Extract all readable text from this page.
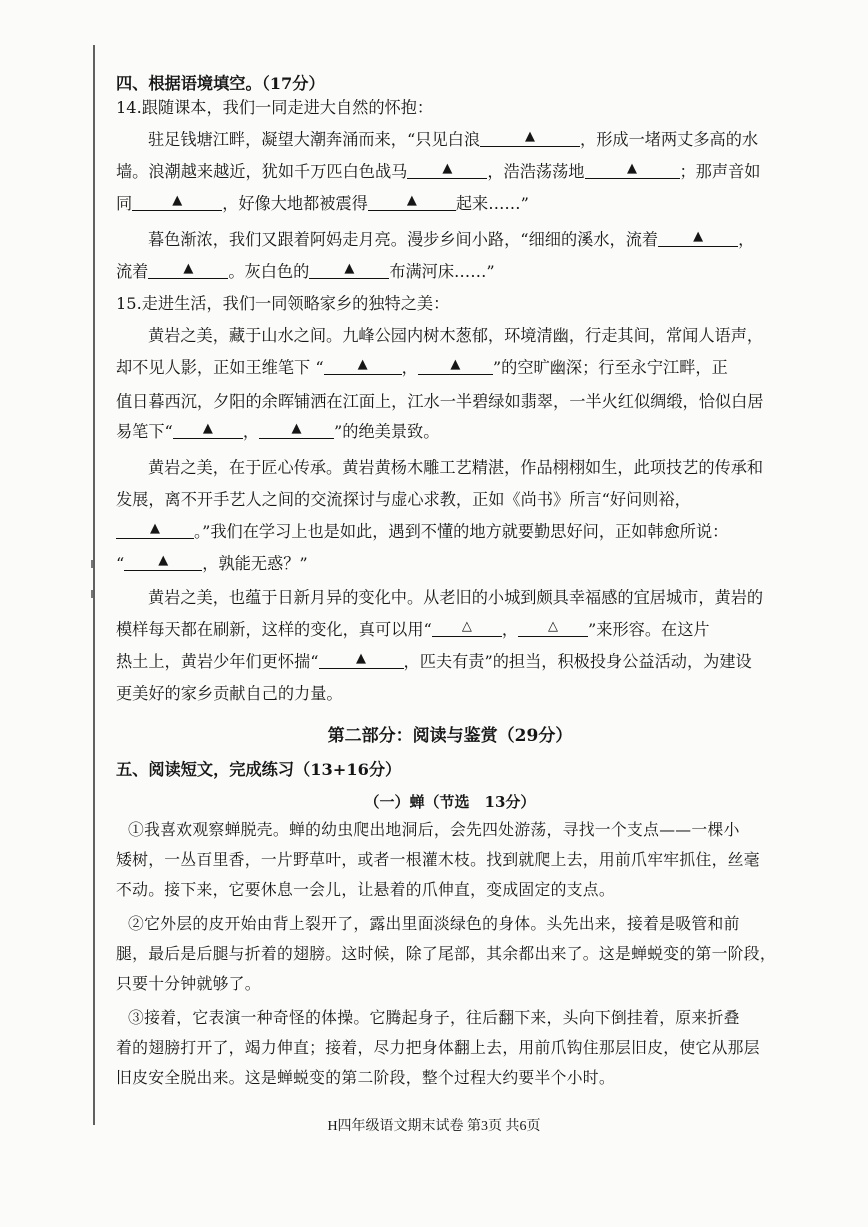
四、根据语境填空。（17分）
14.跟随课本，我们一同走进大自然的怀抱：
驻足钱塘江畔，凝望大潮奔涌而来，“只见白浪 ▲	，形成一堵两丈多高的水
墙。浪潮越来越近，犹如千万匹白色战马 ▲	，浩浩荡荡地 ▲	；那声音如
同 ▲	，好像大地都被震得 ▲	起来……”
暮色渐浓，我们又跟着阿妈走月亮。漫步乡间小路，“细细的溪水，流着 ▲	，
流着 ▲	。灰白色的 ▲	布满河床……”
15.走进生活，我们一同领略家乡的独特之美：
黄岩之美，藏于山水之间。九峰公园内树木葱郁，环境清幽，行走其间，常闻人语声，
却不见人影，正如王维笔下 “ ▲	， ▲	”的空旷幽深；行至永宁江畔，正
值日暮西沉，夕阳的余晖铺洒在江面上，江水一半碧绿如翡翠，一半火红似绸缎，恰似白居
易笔下“ ▲	， ▲	”的绝美景致。
黄岩之美，在于匠心传承。黄岩黄杨木雕工艺精湛，作品栩栩如生，此项技艺的传承和
发展，离不开手艺人之间的交流探讨与虚心求教，正如《尚书》所言“好问则裕，
▲。”我们在学习上也是如此，遇到不懂的地方就要勤思好问，正如韩愈所说：
“ ▲	，孰能无惑？”
黄岩之美，也蕴于日新月异的变化中。从老旧的小城到颇具幸福感的宜居城市，黄岩的
模样每天都在刷新，这样的变化，真可以用“ △	， △	”来形容。在这片
热土上，黄岩少年们更怀揣“ ▲	，匹夫有责”的担当，积极投身公益活动，为建设
更美好的家乡贡献自己的力量。
第二部分：阅读与鉴赏（29分）
五、阅读短文，完成练习（13+16分）
（一）蝉（节选　13分）
①我喜欢观察蝉脱壳。蝉的幼虫爬出地洞后，会先四处游荡，寻找一个支点——一棵小
矮树，一丛百里香，一片野草叶，或者一根灌木枝。找到就爬上去，用前爪牢牢抓住，丝毫
不动。接下来，它要休息一会儿，让悬着的爪伸直，变成固定的支点。
②它外层的皮开始由背上裂开了，露出里面淡绿色的身体。头先出来，接着是吸管和前
腿，最后是后腿与折着的翅膀。这时候，除了尾部，其余都出来了。这是蝉蜕变的第一阶段，
只要十分钟就够了。
③接着，它表演一种奇怪的体操。它腾起身子，往后翻下来，头向下倒挂着，原来折叠
着的翅膀打开了，竭力伸直；接着，尽力把身体翻上去，用前爪钩住那层旧皮，使它从那层
旧皮安全脱出来。这是蝉蜕变的第二阶段，整个过程大约要半个小时。
H四年级语文期末试卷 第3页 共6页
